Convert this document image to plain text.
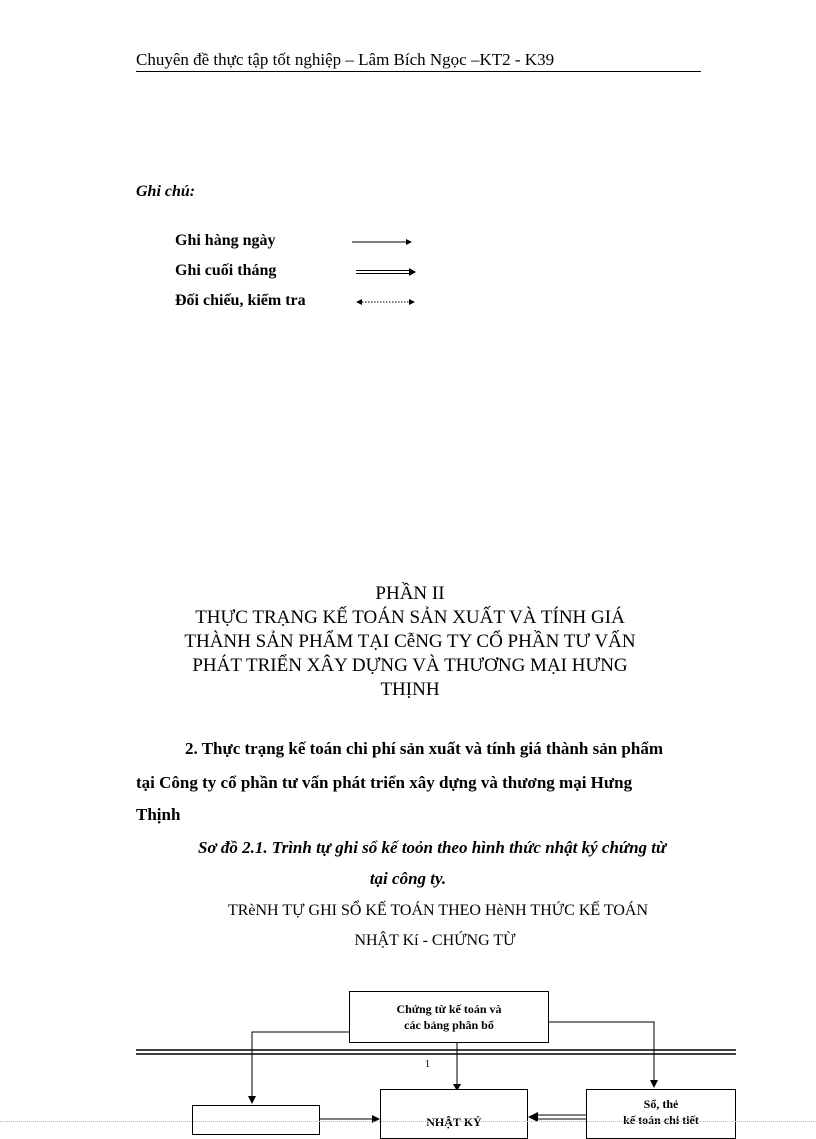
Chuyên đề thực tập tốt nghiệp – Lâm Bích Ngọc –KT2 - K39
Ghi chú:
Ghi hàng ngày
Ghi cuối tháng
Đối chiếu, kiểm tra
PHẦN II
THỰC TRẠNG KẾ TOÁN SẢN XUẤT VÀ TÍNH GIÁ
THÀNH SẢN PHẨM TẠI CễNG TY CỔ PHẦN TƯ VẤN
PHÁT TRIỂN XÂY DỰNG VÀ THƯƠNG MẠI HƯNG
THỊNH
2. Thực trạng kế toán chi phí sản xuất và tính giá thành sản phẩm
tại Công ty cổ phần tư vấn phát triển xây dựng và thương mại Hưng
Thịnh
Sơ đồ 2.1. Trình tự ghi sổ kế toỏn theo hình thức nhật ký chứng từ
tại công ty.
TRèNH TỰ GHI SỔ KẾ TOÁN THEO HèNH THỨC KẾ TOÁN
NHẬT Kí - CHỨNG TỪ
Chứng từ kế toán và
các bảng phân bổ
1
NHẬT KÝ
Sổ, thẻ
kế toán chi tiết
